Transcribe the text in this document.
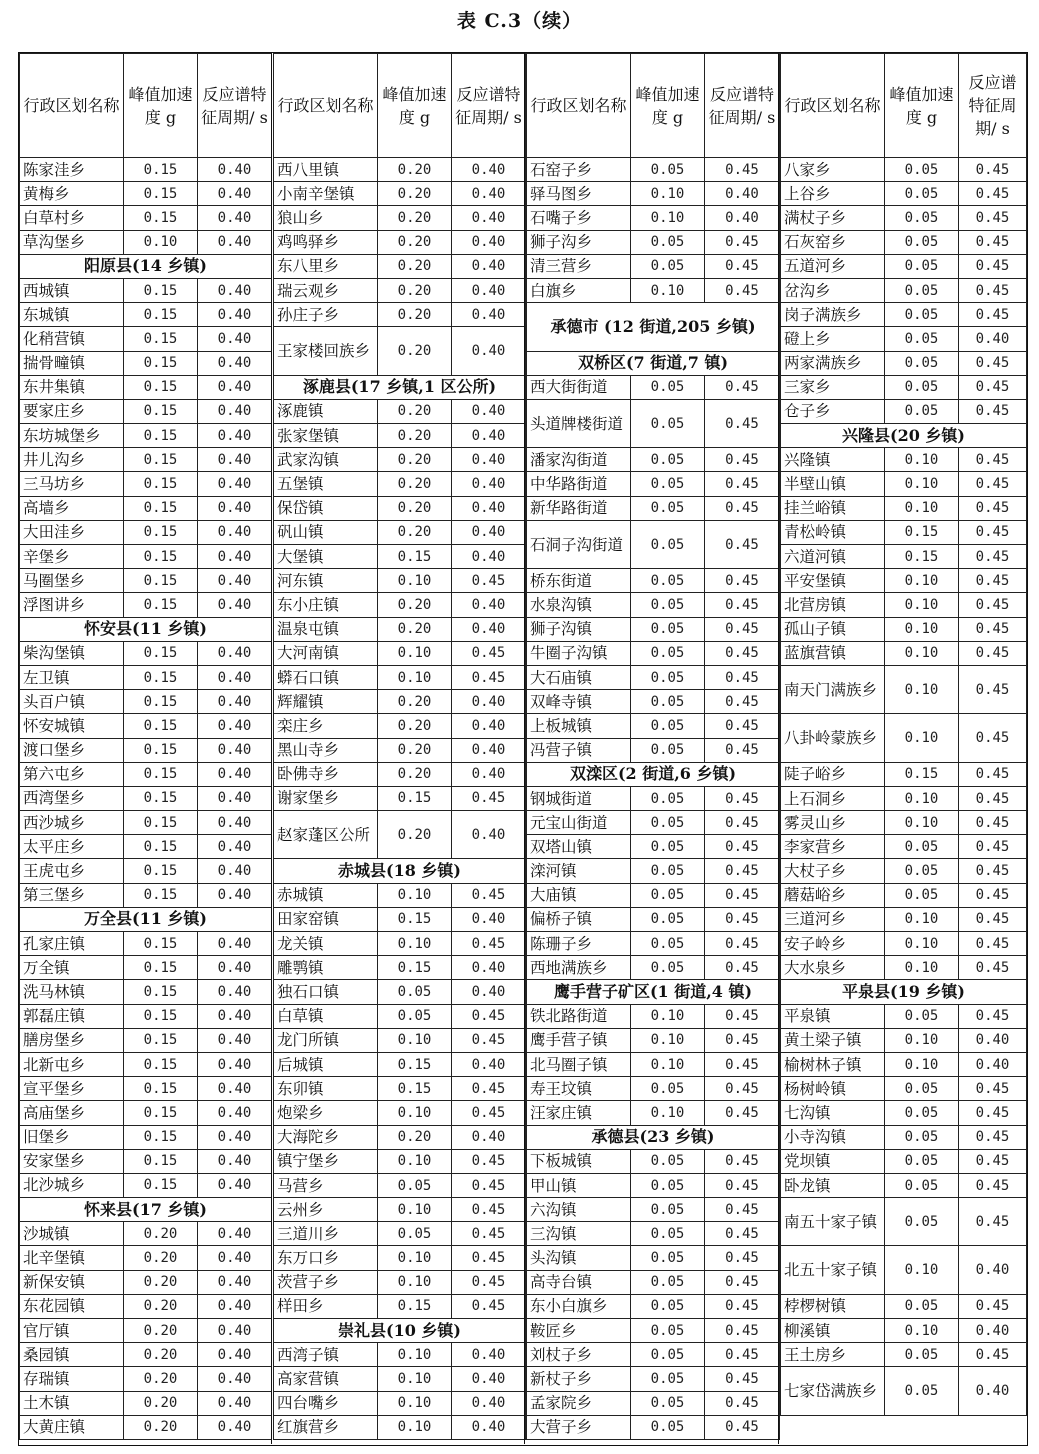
表 C.3（续）
行政区划名称	峰值加速度 g	反应谱特征周期/ s
陈家洼乡	0.15	0.40
黄梅乡	0.15	0.40
白草村乡	0.15	0.40
草沟堡乡	0.10	0.40
阳原县(14 乡镇)		
西城镇	0.15	0.40
东城镇	0.15	0.40
化稍营镇	0.15	0.40
揣骨疃镇	0.15	0.40
东井集镇	0.15	0.40
要家庄乡	0.15	0.40
东坊城堡乡	0.15	0.40
井儿沟乡	0.15	0.40
三马坊乡	0.15	0.40
高墙乡	0.15	0.40
大田洼乡	0.15	0.40
辛堡乡	0.15	0.40
马圈堡乡	0.15	0.40
浮图讲乡	0.15	0.40
怀安县(11 乡镇)		
柴沟堡镇	0.15	0.40
左卫镇	0.15	0.40
头百户镇	0.15	0.40
怀安城镇	0.15	0.40
渡口堡乡	0.15	0.40
第六屯乡	0.15	0.40
西湾堡乡	0.15	0.40
西沙城乡	0.15	0.40
太平庄乡	0.15	0.40
王虎屯乡	0.15	0.40
第三堡乡	0.15	0.40
万全县(11 乡镇)		
孔家庄镇	0.15	0.40
万全镇	0.15	0.40
洗马林镇	0.15	0.40
郭磊庄镇	0.15	0.40
膳房堡乡	0.15	0.40
北新屯乡	0.15	0.40
宣平堡乡	0.15	0.40
高庙堡乡	0.15	0.40
旧堡乡	0.15	0.40
安家堡乡	0.15	0.40
北沙城乡	0.15	0.40
怀来县(17 乡镇)		
沙城镇	0.20	0.40
北辛堡镇	0.20	0.40
新保安镇	0.20	0.40
东花园镇	0.20	0.40
官厅镇	0.20	0.40
桑园镇	0.20	0.40
存瑞镇	0.20	0.40
土木镇	0.20	0.40
大黄庄镇	0.20	0.40
行政区划名称	峰值加速度 g	反应谱特征周期/ s
西八里镇	0.20	0.40
小南辛堡镇	0.20	0.40
狼山乡	0.20	0.40
鸡鸣驿乡	0.20	0.40
东八里乡	0.20	0.40
瑞云观乡	0.20	0.40
孙庄子乡	0.20	0.40
王家楼回族乡	0.20	0.40
涿鹿县(17 乡镇,1 区公所)		
涿鹿镇	0.20	0.40
张家堡镇	0.20	0.40
武家沟镇	0.20	0.40
五堡镇	0.20	0.40
保岱镇	0.20	0.40
矾山镇	0.20	0.40
大堡镇	0.15	0.40
河东镇	0.10	0.45
东小庄镇	0.20	0.40
温泉屯镇	0.20	0.40
大河南镇	0.10	0.45
蟒石口镇	0.10	0.45
辉耀镇	0.20	0.40
栾庄乡	0.20	0.40
黑山寺乡	0.20	0.40
卧佛寺乡	0.20	0.40
谢家堡乡	0.15	0.45
赵家蓬区公所	0.20	0.40
赤城县(18 乡镇)		
赤城镇	0.10	0.45
田家窑镇	0.15	0.40
龙关镇	0.10	0.45
雕鹗镇	0.15	0.40
独石口镇	0.05	0.40
白草镇	0.05	0.45
龙门所镇	0.10	0.45
后城镇	0.15	0.40
东卯镇	0.15	0.45
炮梁乡	0.10	0.45
大海陀乡	0.20	0.40
镇宁堡乡	0.10	0.45
马营乡	0.05	0.45
云州乡	0.10	0.45
三道川乡	0.05	0.45
东万口乡	0.10	0.45
茨营子乡	0.10	0.45
样田乡	0.15	0.45
崇礼县(10 乡镇)		
西湾子镇	0.10	0.40
高家营镇	0.10	0.40
四台嘴乡	0.10	0.40
红旗营乡	0.10	0.40
行政区划名称	峰值加速度 g	反应谱特征周期/ s
石窑子乡	0.05	0.45
驿马图乡	0.10	0.40
石嘴子乡	0.10	0.40
狮子沟乡	0.05	0.45
清三营乡	0.05	0.45
白旗乡	0.10	0.45
承德市 (12 街道,205 乡镇)		
双桥区(7 街道,7 镇)		
西大街街道	0.05	0.45
头道牌楼街道	0.05	0.45
潘家沟街道	0.05	0.45
中华路街道	0.05	0.45
新华路街道	0.05	0.45
石洞子沟街道	0.05	0.45
桥东街道	0.05	0.45
水泉沟镇	0.05	0.45
狮子沟镇	0.05	0.45
牛圈子沟镇	0.05	0.45
大石庙镇	0.05	0.45
双峰寺镇	0.05	0.45
上板城镇	0.05	0.45
冯营子镇	0.05	0.45
双滦区(2 街道,6 乡镇)		
钢城街道	0.05	0.45
元宝山街道	0.05	0.45
双塔山镇	0.05	0.45
滦河镇	0.05	0.45
大庙镇	0.05	0.45
偏桥子镇	0.05	0.45
陈珊子乡	0.05	0.45
西地满族乡	0.05	0.45
鹰手营子矿区(1 街道,4 镇)		
铁北路街道	0.10	0.45
鹰手营子镇	0.10	0.45
北马圈子镇	0.10	0.45
寿王坟镇	0.05	0.45
汪家庄镇	0.10	0.45
承德县(23 乡镇)		
下板城镇	0.05	0.45
甲山镇	0.05	0.45
六沟镇	0.05	0.45
三沟镇	0.05	0.45
头沟镇	0.05	0.45
高寺台镇	0.05	0.45
东小白旗乡	0.05	0.45
鞍匠乡	0.05	0.45
刘杖子乡	0.05	0.45
新杖子乡	0.05	0.45
孟家院乡	0.05	0.45
大营子乡	0.05	0.45
行政区划名称	峰值加速度 g	反应谱特征周期/ s
八家乡	0.05	0.45
上谷乡	0.05	0.45
满杖子乡	0.05	0.45
石灰窑乡	0.05	0.45
五道河乡	0.05	0.45
岔沟乡	0.05	0.45
岗子满族乡	0.05	0.45
磴上乡	0.05	0.40
两家满族乡	0.05	0.45
三家乡	0.05	0.45
仓子乡	0.05	0.45
兴隆县(20 乡镇)		
兴隆镇	0.10	0.45
半壁山镇	0.10	0.45
挂兰峪镇	0.10	0.45
青松岭镇	0.15	0.45
六道河镇	0.15	0.45
平安堡镇	0.10	0.45
北营房镇	0.10	0.45
孤山子镇	0.10	0.45
蓝旗营镇	0.10	0.45
南天门满族乡	0.10	0.45
八卦岭蒙族乡	0.10	0.45
陡子峪乡	0.15	0.45
上石洞乡	0.10	0.45
雾灵山乡	0.10	0.45
李家营乡	0.05	0.45
大杖子乡	0.05	0.45
蘑菇峪乡	0.05	0.45
三道河乡	0.10	0.45
安子岭乡	0.10	0.45
大水泉乡	0.10	0.45
平泉县(19 乡镇)		
平泉镇	0.05	0.45
黄土梁子镇	0.10	0.40
榆树林子镇	0.10	0.40
杨树岭镇	0.05	0.45
七沟镇	0.05	0.45
小寺沟镇	0.05	0.45
党坝镇	0.05	0.45
卧龙镇	0.05	0.45
南五十家子镇	0.05	0.45
北五十家子镇	0.10	0.40
桲椤树镇	0.05	0.45
柳溪镇	0.10	0.40
王土房乡	0.05	0.45
七家岱满族乡	0.05	0.40
